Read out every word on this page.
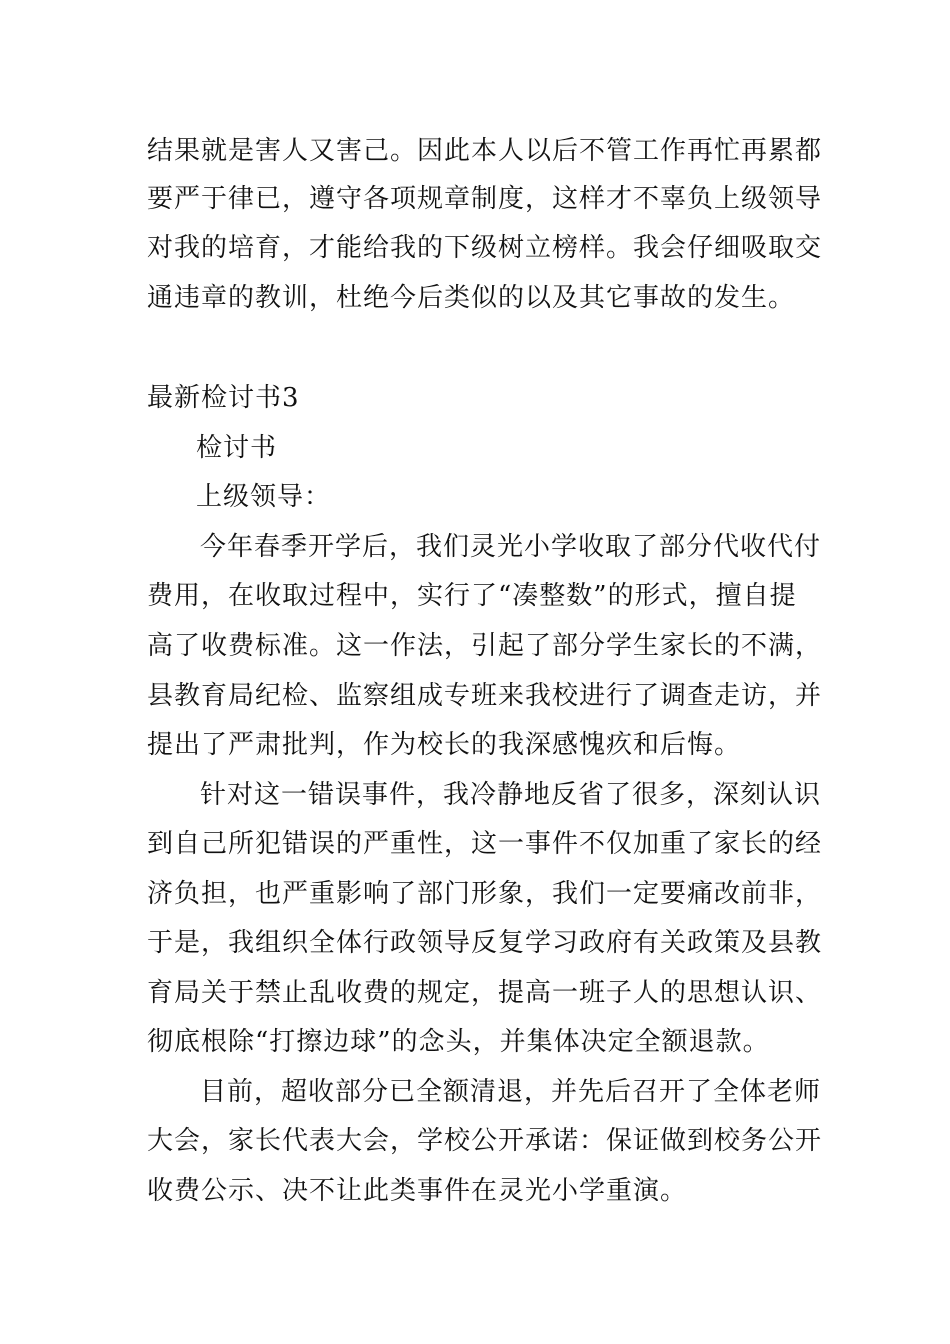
结果就是害人又害己。因此本人以后不管工作再忙再累都
要严于律已，遵守各项规章制度，这样才不辜负上级领导
对我的培育，才能给我的下级树立榜样。我会仔细吸取交
通违章的教训，杜绝今后类似的以及其它事故的发生。
最新检讨书3
检讨书
上级领导：
今年春季开学后，我们灵光小学收取了部分代收代付
费用，在收取过程中，实行了“凑整数”的形式，擅自提
高了收费标准。这一作法，引起了部分学生家长的不满，
县教育局纪检、监察组成专班来我校进行了调查走访，并
提出了严肃批判，作为校长的我深感愧疚和后悔。
针对这一错误事件，我冷静地反省了很多，深刻认识
到自己所犯错误的严重性，这一事件不仅加重了家长的经
济负担，也严重影响了部门形象，我们一定要痛改前非，
于是，我组织全体行政领导反复学习政府有关政策及县教
育局关于禁止乱收费的规定，提高一班子人的思想认识、
彻底根除“打擦边球”的念头，并集体决定全额退款。
目前，超收部分已全额清退，并先后召开了全体老师
大会，家长代表大会，学校公开承诺：保证做到校务公开
收费公示、决不让此类事件在灵光小学重演。
